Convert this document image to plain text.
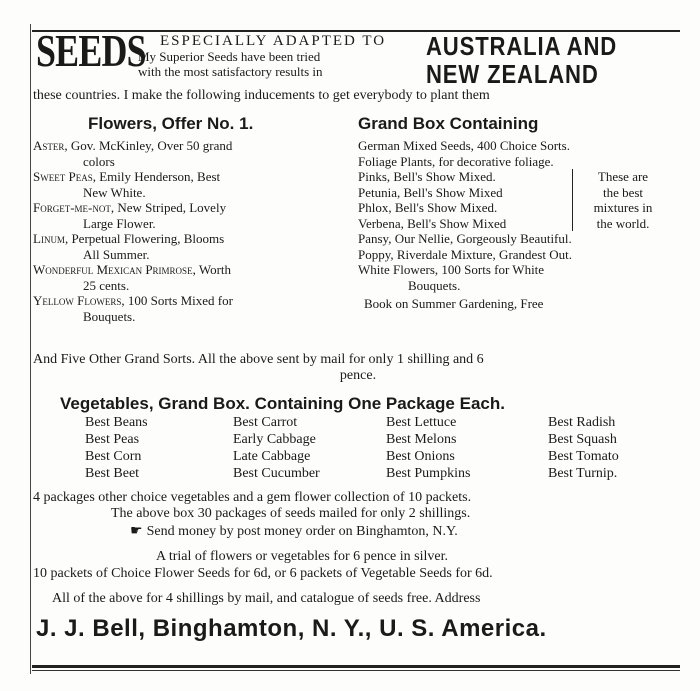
SEEDS ESPECIALLY ADAPTED TO
My Superior Seeds have been tried
with the most satisfactory results in
AUSTRALIA AND
NEW ZEALAND
these countries. I make the following inducements to get everybody to plant them
Flowers, Offer No. 1.	Grand Box Containing

Aster, Gov. McKinley, Over 50 grand
colors

Sweet Peas, Emily Henderson, Best
New White.

Forget-me-not, New Striped, Lovely
Large Flower.

Linum, Perpetual Flowering, Blooms
All Summer.

Wonderful Mexican Primrose, Worth
25 cents.

Yellow Flowers, 100 Sorts Mixed for
Bouquets.

German Mixed Seeds, 400 Choice Sorts.

Foliage Plants, for decorative foliage.

Pinks, Bell's Show Mixed.
Petunia, Bell's Show Mixed
Phlox, Bell's Show Mixed.
Verbena, Bell's Show Mixed
These are
the best
mixtures in
the world.

Pansy, Our Nellie, Gorgeously Beautiful.

Poppy, Riverdale Mixture, Grandest Out.

White Flowers, 100 Sorts for White
Bouquets.

Book on Summer Gardening, Free

And Five Other Grand Sorts. All the above sent by mail for only 1 shilling and 6
pence.
Vegetables, Grand Box. Containing One Package Each.
Best Beans	Best Carrot	Best Lettuce	Best Radish
Best Peas	Early Cabbage	Best Melons	Best Squash
Best Corn	Late Cabbage	Best Onions	Best Tomato
Best Beet	Best Cucumber	Best Pumpkins	Best Turnip.
4 packages other choice vegetables and a gem flower collection of 10 packets.
The above box 30 packages of seeds mailed for only 2 shillings.
☛ Send money by post money order on Binghamton, N.Y.
A trial of flowers or vegetables for 6 pence in silver.
10 packets of Choice Flower Seeds for 6d, or 6 packets of Vegetable Seeds for 6d.
All of the above for 4 shillings by mail, and catalogue of seeds free. Address
J. J. Bell, Binghamton, N. Y., U. S. America.
